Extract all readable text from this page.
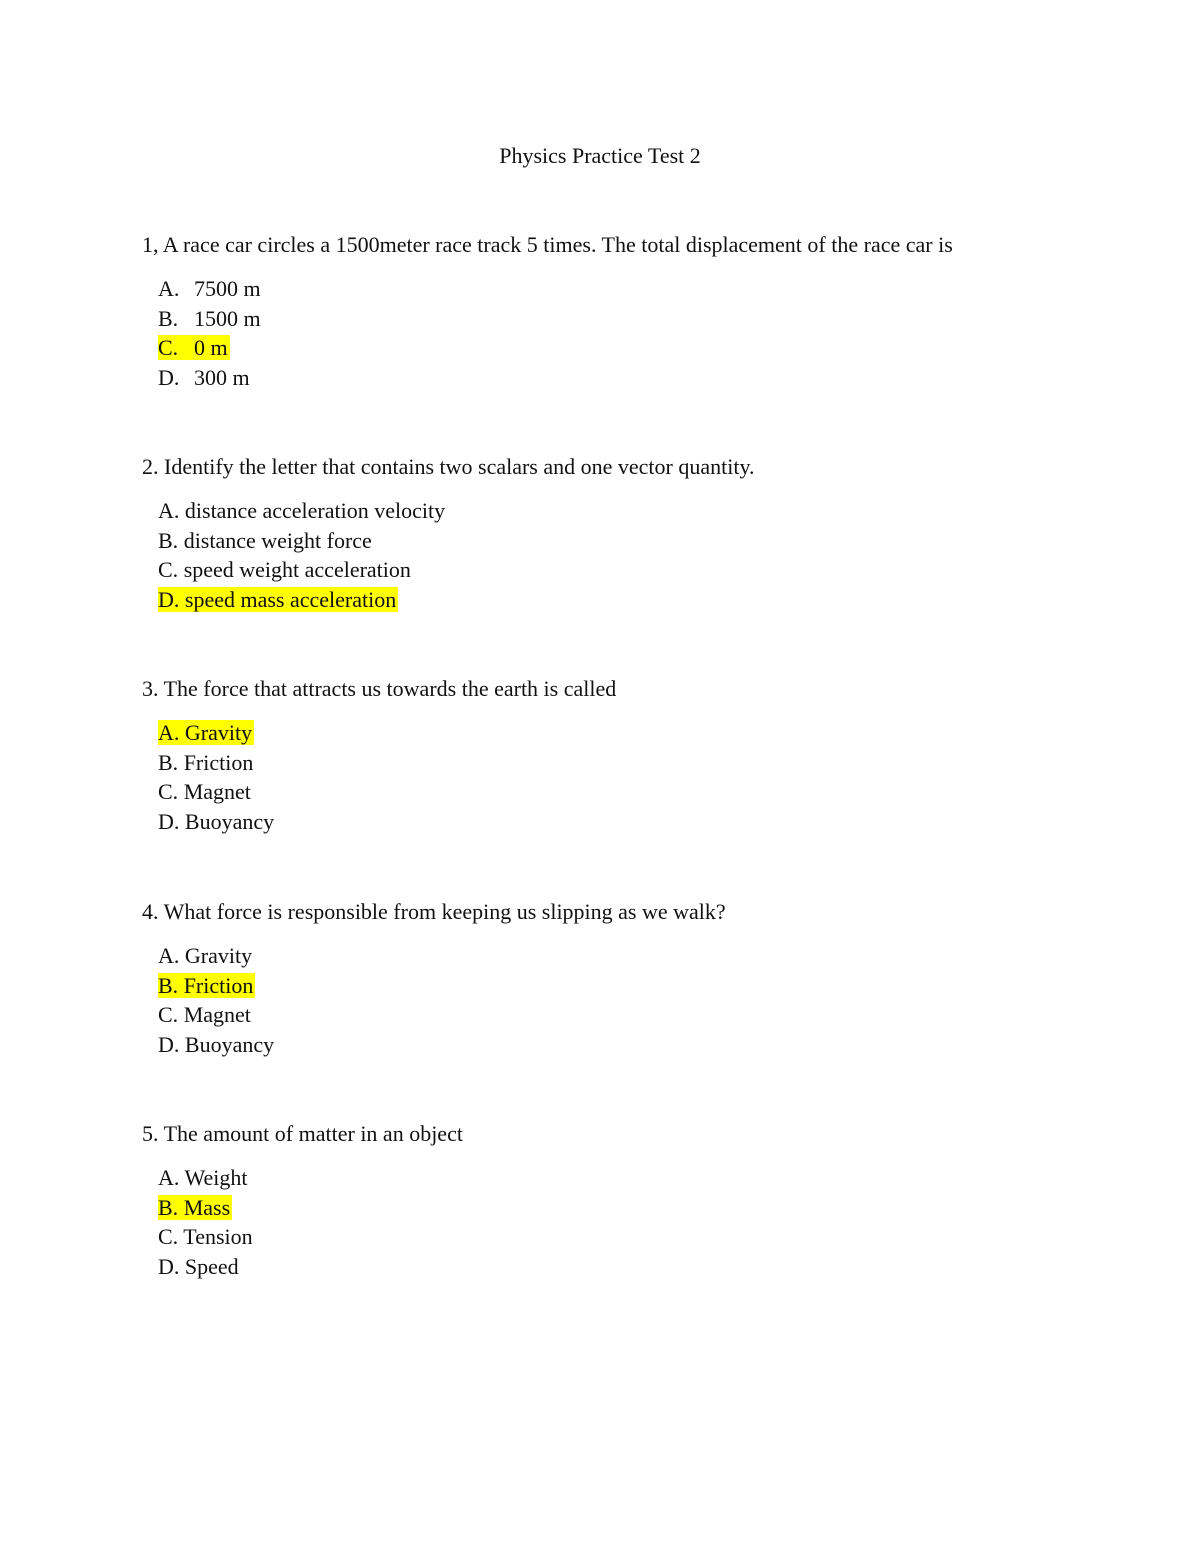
Physics Practice Test 2

1, A race car circles a 1500meter race track 5 times. The total displacement of the race car is

A. 7500 m
B. 1500 m
C. 0 m
D. 300 m

2. Identify the letter that contains two scalars and one vector quantity.

A. distance acceleration velocity
B. distance weight force
C. speed weight acceleration
D. speed mass acceleration

3. The force that attracts us towards the earth is called

A. Gravity
B. Friction
C. Magnet
D. Buoyancy

4. What force is responsible from keeping us slipping as we walk?

A. Gravity
B. Friction
C. Magnet
D. Buoyancy

5. The amount of matter in an object

A. Weight
B. Mass
C. Tension
D. Speed
